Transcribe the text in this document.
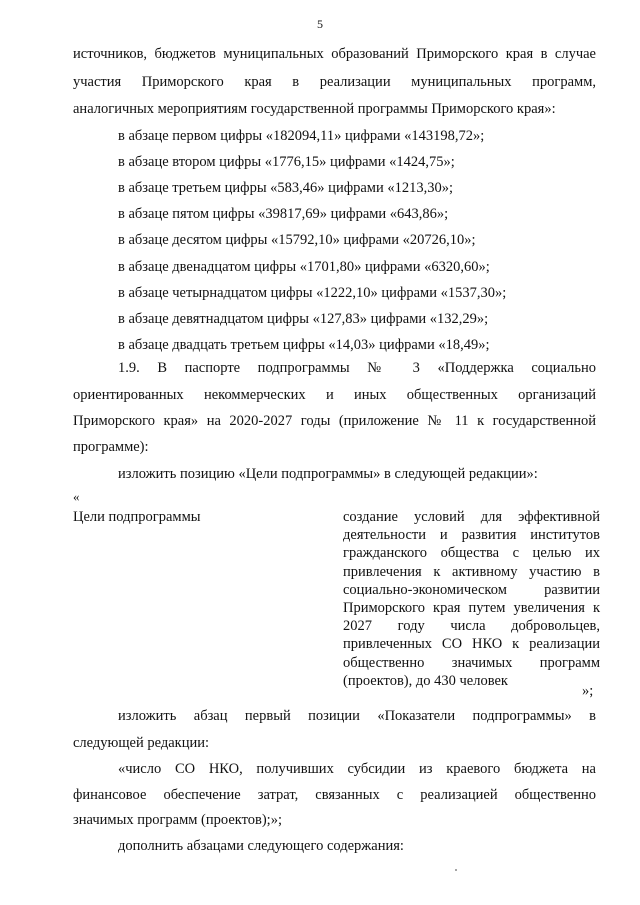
5
источников, бюджетов муниципальных образований Приморского края в случае
участия Приморского края в реализации муниципальных программ,
аналогичных мероприятиям государственной программы Приморского края»:
в абзаце первом цифры «182094,11» цифрами «143198,72»;
в абзаце втором цифры «1776,15» цифрами «1424,75»;
в абзаце третьем цифры «583,46» цифрами «1213,30»;
в абзаце пятом цифры «39817,69» цифрами «643,86»;
в абзаце десятом цифры «15792,10» цифрами «20726,10»;
в абзаце двенадцатом цифры «1701,80» цифрами «6320,60»;
в абзаце четырнадцатом цифры «1222,10» цифрами «1537,30»;
в абзаце девятнадцатом цифры «127,83» цифрами «132,29»;
в абзаце двадцать третьем цифры «14,03» цифрами «18,49»;
1.9. В паспорте подпрограммы № 3 «Поддержка социально
ориентированных некоммерческих и иных общественных организаций
Приморского края» на 2020-2027 годы (приложение № 11 к государственной
программе):
изложить позицию «Цели подпрограммы» в следующей редакции»:
«
Цели подпрограммы	создание условий для эффективной
деятельности и развития институтов
гражданского общества с целью их
привлечения к активному участию в
социально-экономическом развитии
Приморского края путем увеличения к
2027 году числа добровольцев,
привлеченных СО НКО к реализации
общественно значимых программ
(проектов), до 430 человек
»;
изложить абзац первый позиции «Показатели подпрограммы» в
следующей редакции:
«число СО НКО, получивших субсидии из краевого бюджета на
финансовое обеспечение затрат, связанных с реализацией общественно
значимых программ (проектов);»;
дополнить абзацами следующего содержания:
